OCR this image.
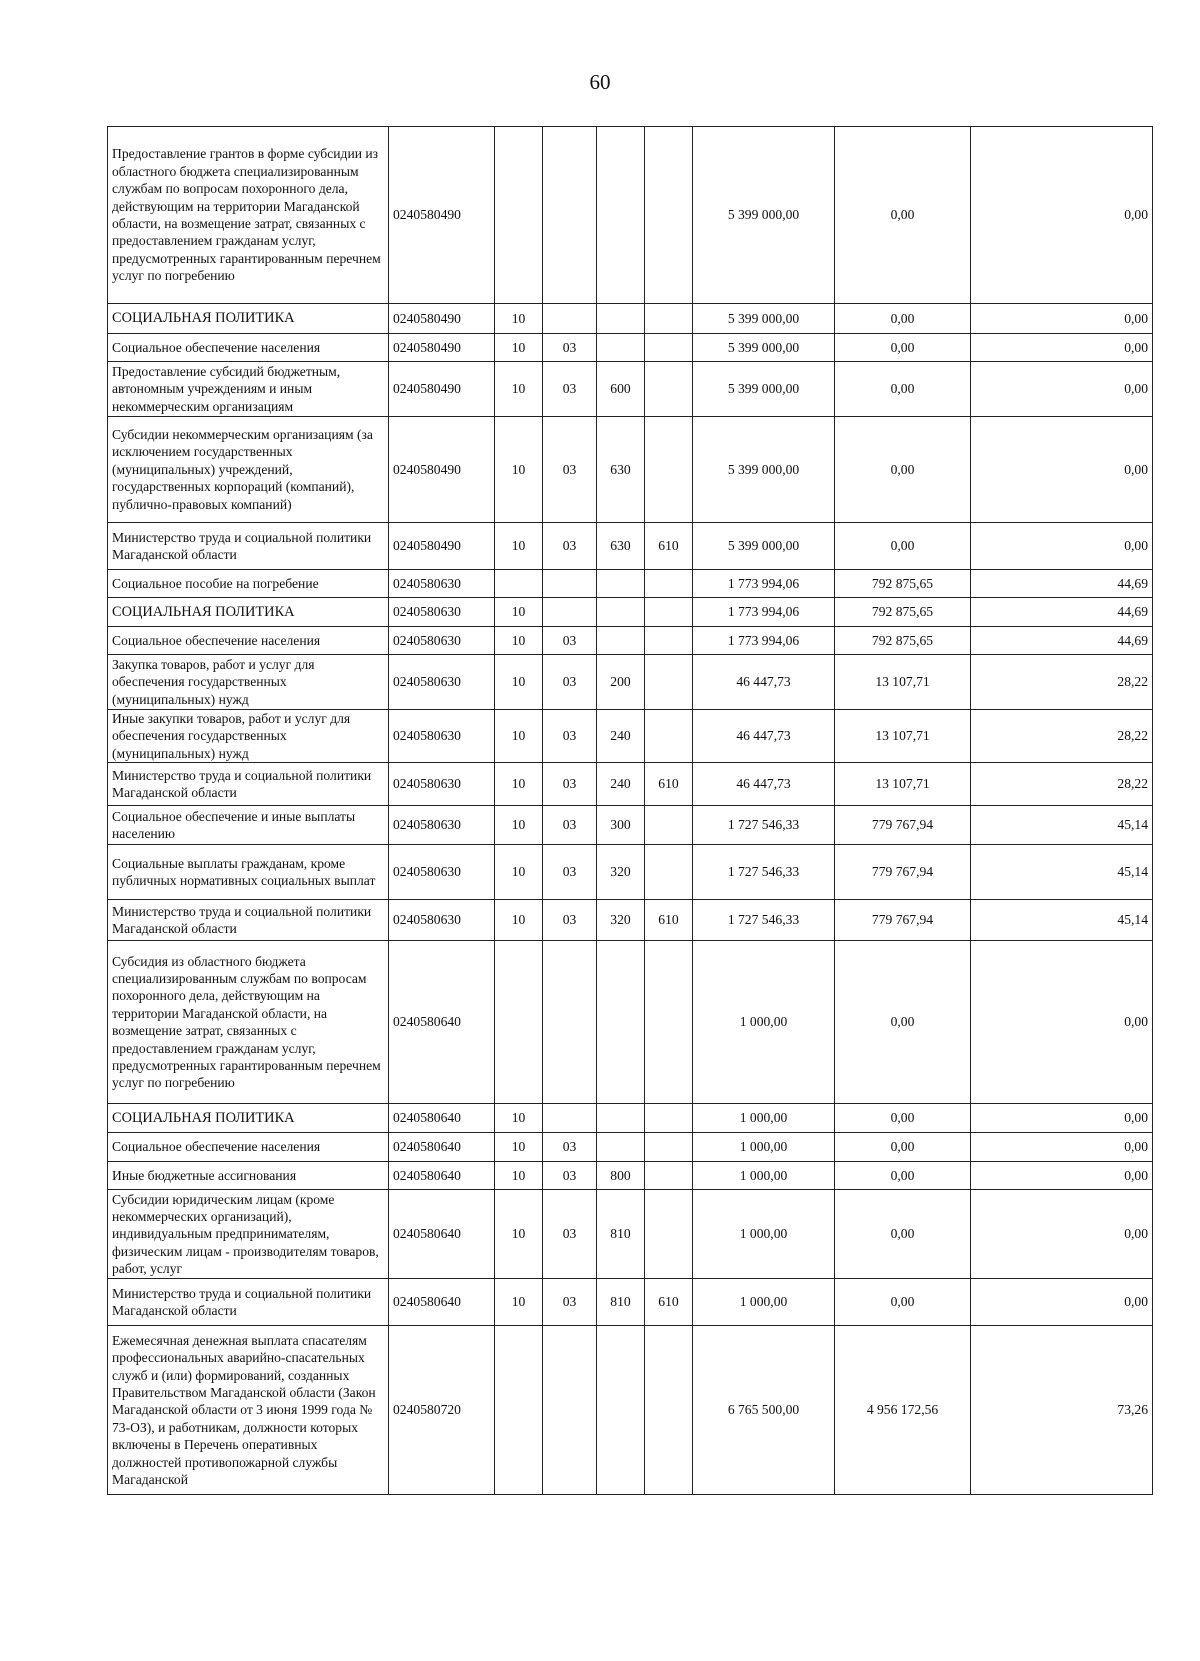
60
Предоставление грантов в форме субсидии из областного бюджета специализированным службам по вопросам похоронного дела, действующим на территории Магаданской области, на возмещение затрат, связанных с предоставлением гражданам услуг, предусмотренных гарантированным перечнем услуг по погребению	0240580490					5 399 000,00	0,00	0,00
СОЦИАЛЬНАЯ ПОЛИТИКА	0240580490	10				5 399 000,00	0,00	0,00
Социальное обеспечение населения	0240580490	10	03			5 399 000,00	0,00	0,00
Предоставление субсидий бюджетным, автономным учреждениям и иным некоммерческим организациям	0240580490	10	03	600		5 399 000,00	0,00	0,00
Субсидии некоммерческим организациям (за исключением государственных (муниципальных) учреждений, государственных корпораций (компаний), публично-правовых компаний)	0240580490	10	03	630		5 399 000,00	0,00	0,00
Министерство труда и социальной политики Магаданской области	0240580490	10	03	630	610	5 399 000,00	0,00	0,00
Социальное пособие на погребение	0240580630					1 773 994,06	792 875,65	44,69
СОЦИАЛЬНАЯ ПОЛИТИКА	0240580630	10				1 773 994,06	792 875,65	44,69
Социальное обеспечение населения	0240580630	10	03			1 773 994,06	792 875,65	44,69
Закупка товаров, работ и услуг для обеспечения государственных (муниципальных) нужд	0240580630	10	03	200		46 447,73	13 107,71	28,22
Иные закупки товаров, работ и услуг для обеспечения государственных (муниципальных) нужд	0240580630	10	03	240		46 447,73	13 107,71	28,22
Министерство труда и социальной политики Магаданской области	0240580630	10	03	240	610	46 447,73	13 107,71	28,22
Социальное обеспечение и иные выплаты населению	0240580630	10	03	300		1 727 546,33	779 767,94	45,14
Социальные выплаты гражданам, кроме публичных нормативных социальных выплат	0240580630	10	03	320		1 727 546,33	779 767,94	45,14
Министерство труда и социальной политики Магаданской области	0240580630	10	03	320	610	1 727 546,33	779 767,94	45,14
Субсидия из областного бюджета специализированным службам по вопросам похоронного дела, действующим на территории Магаданской области, на возмещение затрат, связанных с предоставлением гражданам услуг, предусмотренных гарантированным перечнем услуг по погребению	0240580640					1 000,00	0,00	0,00
СОЦИАЛЬНАЯ ПОЛИТИКА	0240580640	10				1 000,00	0,00	0,00
Социальное обеспечение населения	0240580640	10	03			1 000,00	0,00	0,00
Иные бюджетные ассигнования	0240580640	10	03	800		1 000,00	0,00	0,00
Субсидии юридическим лицам (кроме некоммерческих организаций), индивидуальным предпринимателям, физическим лицам - производителям товаров, работ, услуг	0240580640	10	03	810		1 000,00	0,00	0,00
Министерство труда и социальной политики Магаданской области	0240580640	10	03	810	610	1 000,00	0,00	0,00
Ежемесячная денежная выплата спасателям профессиональных аварийно-спасательных служб и (или) формирований, созданных Правительством Магаданской области (Закон Магаданской области от 3 июня 1999 года № 73-ОЗ), и работникам, должности которых включены в Перечень оперативных должностей противопожарной службы Магаданской	0240580720					6 765 500,00	4 956 172,56	73,26
